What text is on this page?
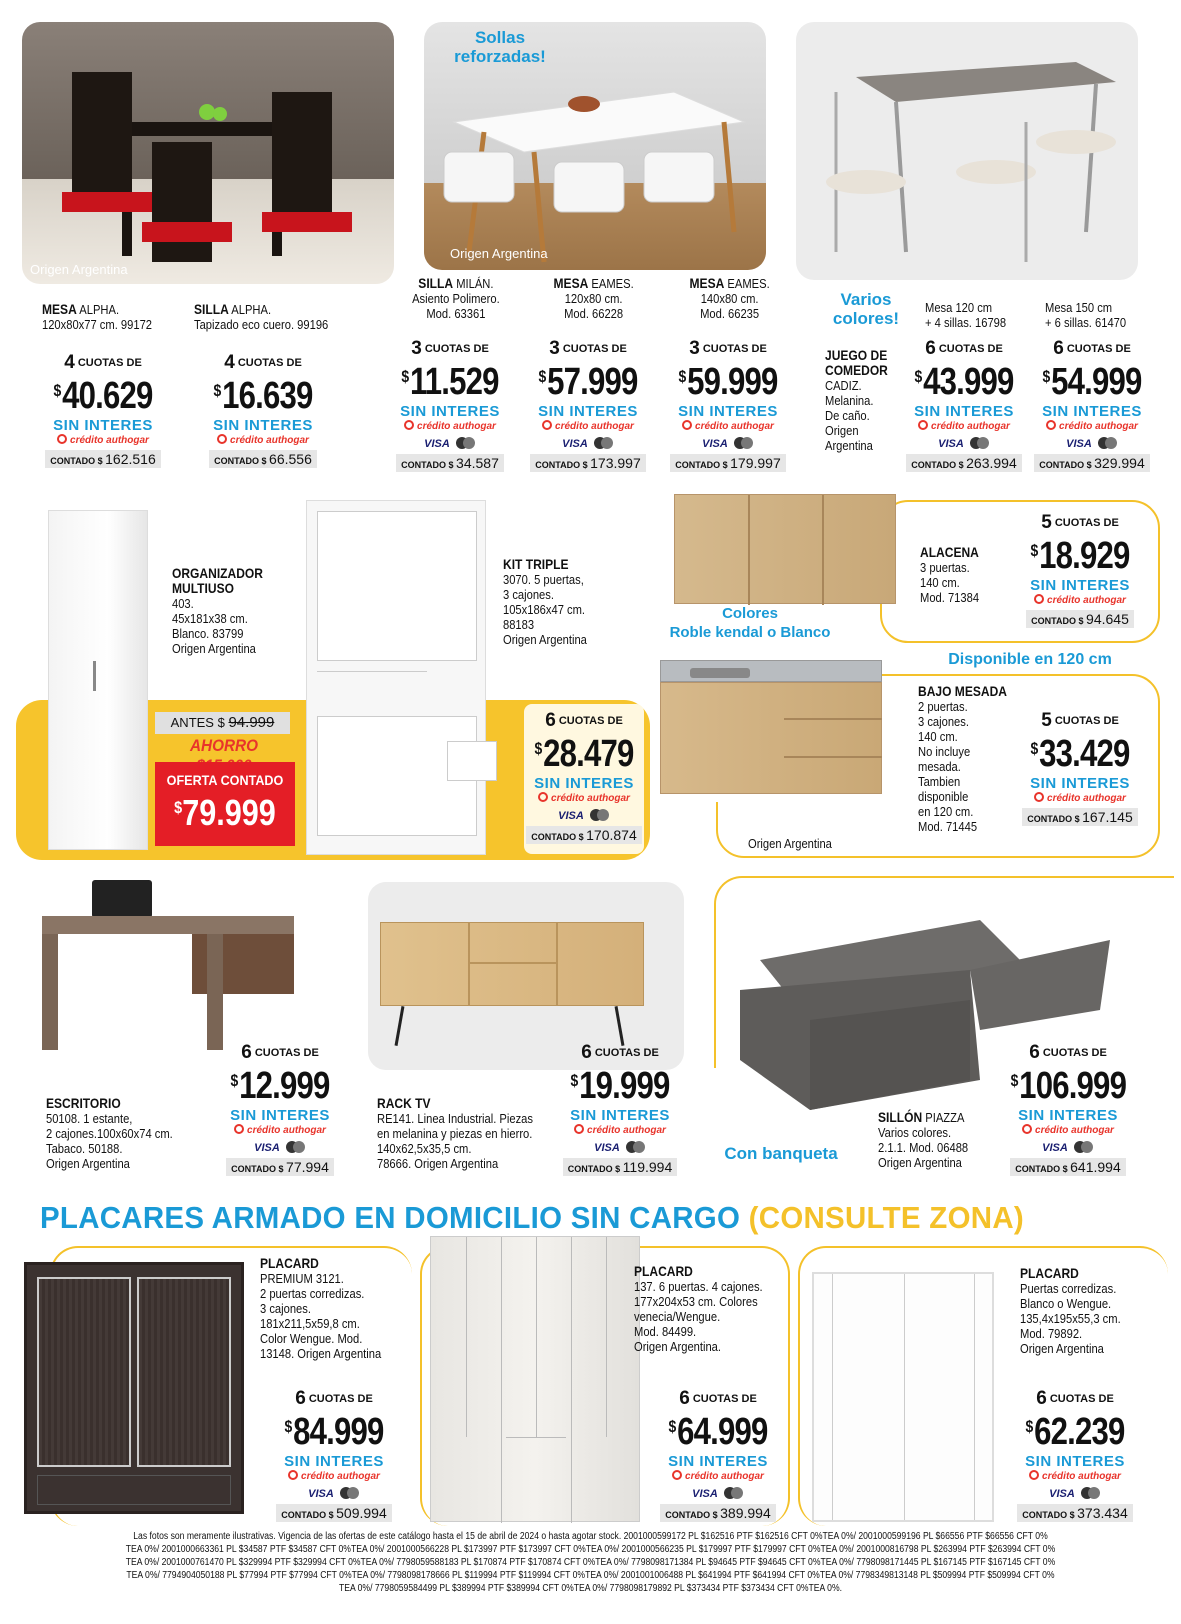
Origen Argentina
Origen Argentina
Sollas reforzadas!
MESA ALPHA.
120x80x77 cm. 99172
SILLA ALPHA.
Tapizado eco cuero. 99196
SILLA MILÁN.
Asiento Polimero.
Mod. 63361
MESA EAMES.
120x80 cm.
Mod. 66228
MESA EAMES.
140x80 cm.
Mod. 66235
Varios colores!
Mesa 120 cm
+ 4 sillas. 16798
Mesa 150 cm
+ 6 sillas. 61470
JUEGO DE
COMEDOR
CADIZ.
Melanina.
De caño.
Origen
Argentina
4 CUOTAS DE
$40.629
SIN INTERES
crédito authogar
CONTADO $ 162.516
4 CUOTAS DE
$16.639
SIN INTERES
crédito authogar
CONTADO $ 66.556
3 CUOTAS DE
$11.529
SIN INTERES
crédito authogar
VISA
CONTADO $ 34.587
3 CUOTAS DE
$57.999
SIN INTERES
crédito authogar
VISA
CONTADO $ 173.997
3 CUOTAS DE
$59.999
SIN INTERES
crédito authogar
VISA
CONTADO $ 179.997
6 CUOTAS DE
$43.999
SIN INTERES
crédito authogar
VISA
CONTADO $ 263.994
6 CUOTAS DE
$54.999
SIN INTERES
crédito authogar
VISA
CONTADO $ 329.994
ORGANIZADOR
MULTIUSO
403.
45x181x38 cm.
Blanco. 83799
Origen Argentina
ANTES $ 94.999
AHORRO
OFERTA CONTADO
$79.999
KIT TRIPLE
3070. 5 puertas,
3 cajones.
105x186x47 cm.
88183
Origen Argentina
6 CUOTAS DE
$28.479
SIN INTERES
crédito authogar
VISA
CONTADO $ 170.874
ALACENA
3 puertas.
140 cm.
Mod. 71384
5 CUOTAS DE
$18.929
SIN INTERES
crédito authogar
CONTADO $ 94.645
Colores
Roble kendal o Blanco
Disponible en 120 cm
Origen Argentina
BAJO MESADA
2 puertas.
3 cajones.
140 cm.
No incluye
mesada.
Tambien
disponible
en 120 cm.
Mod. 71445
5 CUOTAS DE
$33.429
SIN INTERES
crédito authogar
CONTADO $ 167.145
ESCRITORIO
50108. 1 estante,
2 cajones.100x60x74 cm.
Tabaco. 50188.
Origen Argentina
6 CUOTAS DE
$12.999
SIN INTERES
crédito authogar
VISA
CONTADO $ 77.994
RACK TV
RE141. Linea Industrial. Piezas
en melanina y piezas en hierro.
140x62,5x35,5 cm.
78666. Origen Argentina
6 CUOTAS DE
$19.999
SIN INTERES
crédito authogar
VISA
CONTADO $ 119.994
Con banqueta
SILLÓN PIAZZA
Varios colores.
2.1.1. Mod. 06488
Origen Argentina
6 CUOTAS DE
$106.999
SIN INTERES
crédito authogar
VISA
CONTADO $ 641.994
PLACARES ARMADO EN DOMICILIO SIN CARGO (CONSULTE ZONA)
PLACARD
PREMIUM 3121.
2 puertas corredizas.
3 cajones.
181x211,5x59,8 cm.
Color Wengue. Mod.
13148. Origen Argentina
6 CUOTAS DE
$84.999
SIN INTERES
crédito authogar
VISA
CONTADO $ 509.994
PLACARD
137. 6 puertas. 4 cajones.
177x204x53 cm. Colores
venecia/Wengue.
Mod. 84499.
Origen Argentina.
6 CUOTAS DE
$64.999
SIN INTERES
crédito authogar
VISA
CONTADO $ 389.994
PLACARD
Puertas corredizas.
Blanco o Wengue.
135,4x195x55,3 cm.
Mod. 79892.
Origen Argentina
6 CUOTAS DE
$62.239
SIN INTERES
crédito authogar
VISA
CONTADO $ 373.434
Las fotos son meramente ilustrativas. Vigencia de las ofertas de este catálogo hasta el 15 de abril de 2024 o hasta agotar stock. 2001000599172 PL $162516 PTF $162516 CFT 0%TEA 0%/ 2001000599196 PL $66556 PTF $66556 CFT 0%
TEA 0%/ 2001000663361 PL $34587 PTF $34587 CFT 0%TEA 0%/ 2001000566228 PL $173997 PTF $173997 CFT 0%TEA 0%/ 2001000566235 PL $179997 PTF $179997 CFT 0%TEA 0%/ 2001000816798 PL $263994 PTF $263994 CFT 0%
TEA 0%/ 2001000761470 PL $329994 PTF $329994 CFT 0%TEA 0%/ 7798059588183 PL $170874 PTF $170874 CFT 0%TEA 0%/ 7798098171384 PL $94645 PTF $94645 CFT 0%TEA 0%/ 7798098171445 PL $167145 PTF $167145 CFT 0%
TEA 0%/ 7794904050188 PL $77994 PTF $77994 CFT 0%TEA 0%/ 7798098178666 PL $119994 PTF $119994 CFT 0%TEA 0%/ 2001001006488 PL $641994 PTF $641994 CFT 0%TEA 0%/ 7798349813148 PL $509994 PTF $509994 CFT 0%
TEA 0%/ 7798059584499 PL $389994 PTF $389994 CFT 0%TEA 0%/ 7798098179892 PL $373434 PTF $373434 CFT 0%TEA 0%.
